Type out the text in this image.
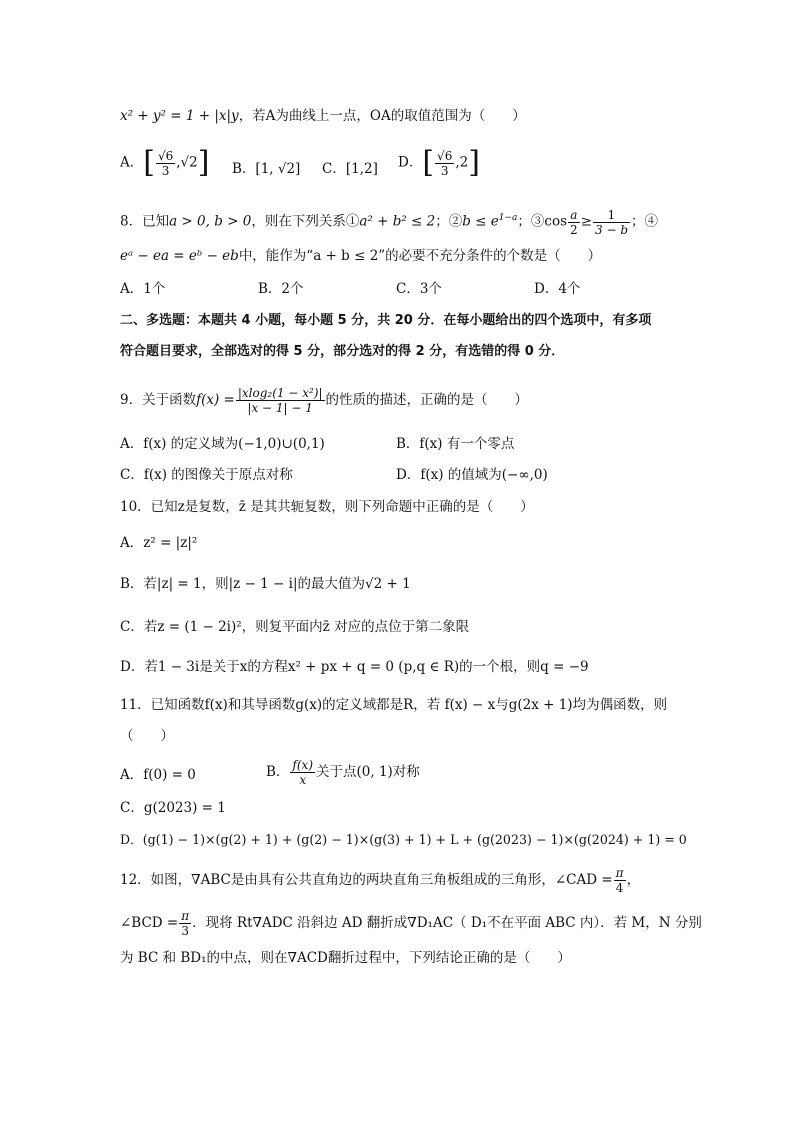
x² + y² = 1 + |x|y，若A为曲线上一点，OA的取值范围为（　　）
A．[ $\frac{√6}{3} ,√2$] B．[1, √2] C．[1,2] D．[ $\frac{√6}{3} ,2$]
8．已知a > 0, b > 0，则在下列关系①a² + b² ≤ 2；②b ≤ $e^{1-a}$；③cos $\frac{a}{2} \ge \frac{1}{3 - b}$ ；④
eᵃ − ea = eᵇ − eb中，能作为“a + b ≤ 2”的必要不充分条件的个数是（　　）
A．1个	B．2个	C．3个	D．4个
二、多选题：本题共 4 小题，每小题 5 分，共 20 分．在每小题给出的四个选项中，有多项
符合题目要求，全部选对的得 5 分，部分选对的得 2 分，有选错的得 0 分．
9．关于函数$f(x) = \frac{\text{|xlog₂(1 − x²)|}}{|x - 1| - 1}$ 的性质的描述，正确的是（　　）
A．f(x) 的定义域为(−1,0)∪(0,1)	B．f(x) 有一个零点
C．f(x) 的图像关于原点对称	D．f(x) 的值域为(−∞,0)
10．已知z是复数，z̄ 是其共轭复数，则下列命题中正确的是（　　）
A．z² = |z|²
B．若|z| = 1，则|z − 1 − i|的最大值为√2 + 1
C．若z = (1 − 2i)²，则复平面内z̄ 对应的点位于第二象限
D．若1 − 3i是关于x的方程x² + px + q = 0 (p,q ∈ R)的一个根，则q = −9
11．已知函数f(x)和其导函数g(x)的定义域都是R，若 f(x) − x与g(2x + 1)均为偶函数，则
（　　）
A．f(0) = 0	B． $\frac{f(x)}{x}$ 关于点(0, 1)对称
C．g(2023) = 1
D．(g(1) − 1)×(g(2) + 1) + (g(2) − 1)×(g(3) + 1) + L + (g(2023) − 1)×(g(2024) + 1) = 0
12．如图，∇ABC是由具有公共直角边的两块直角三角板组成的三角形，∠CAD = $\frac{\pi}{4}$ ，
∠BCD = $\frac{\pi}{3}$ ．现将 Rt∇ADC 沿斜边 AD 翻折成∇D₁AC（ D₁不在平面 ABC 内）．若 M，N 分别
为 BC 和 BD₁的中点，则在∇ACD翻折过程中，下列结论正确的是（　　）
